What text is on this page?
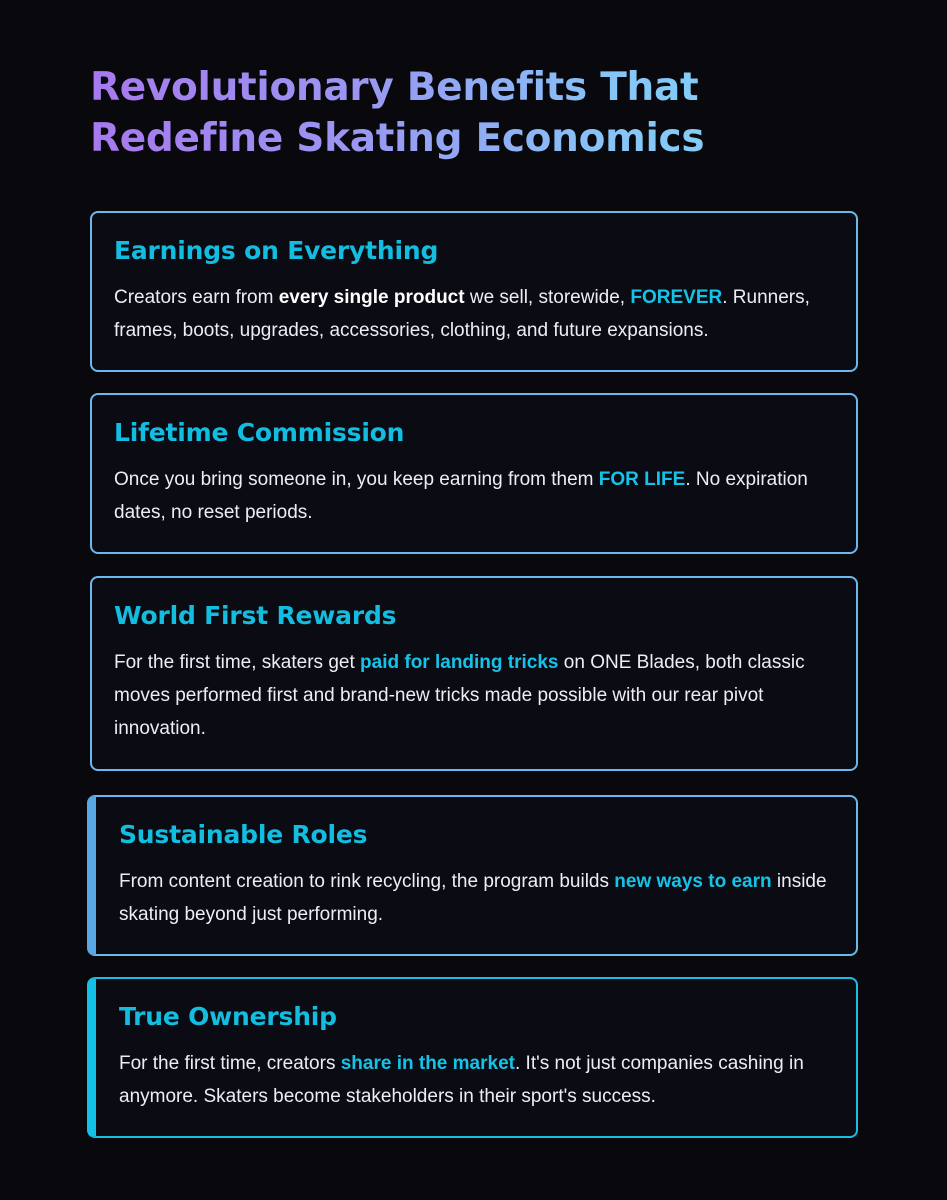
Revolutionary Benefits That
Redefine Skating Economics
Earnings on Everything

Creators earn from every single product we sell, storewide, FOREVER. Runners, frames, boots, upgrades, accessories, clothing, and future expansions.

Lifetime Commission

Once you bring someone in, you keep earning from them FOR LIFE. No expiration dates, no reset periods.

World First Rewards

For the first time, skaters get paid for landing tricks on ONE Blades, both classic moves performed first and brand-new tricks made possible with our rear pivot innovation.

Sustainable Roles

From content creation to rink recycling, the program builds new ways to earn inside skating beyond just performing.

True Ownership

For the first time, creators share in the market. It's not just companies cashing in anymore. Skaters become stakeholders in their sport's success.
